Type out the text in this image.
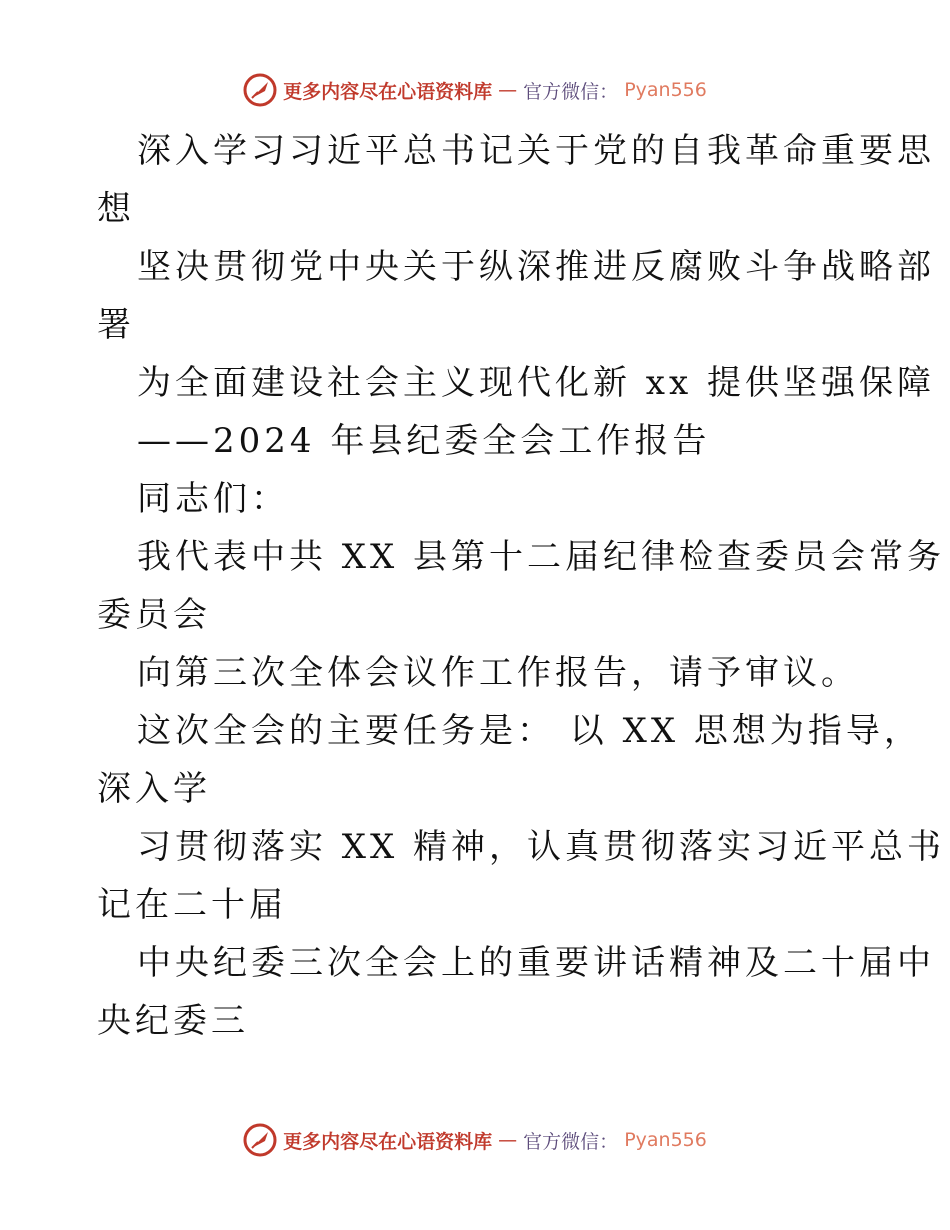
更多内容尽在心语资料库 — 官方微信： Pyan556
深入学习习近平总书记关于党的自我革命重要思
想
坚决贯彻党中央关于纵深推进反腐败斗争战略部
署
为全面建设社会主义现代化新 xx 提供坚强保障
——2024 年县纪委全会工作报告
同志们：
我代表中共 XX 县第十二届纪律检查委员会常务
委员会
向第三次全体会议作工作报告，请予审议。
这次全会的主要任务是： 以 XX 思想为指导，
深入学
习贯彻落实 XX 精神，认真贯彻落实习近平总书
记在二十届
中央纪委三次全会上的重要讲话精神及二十届中
央纪委三
更多内容尽在心语资料库 — 官方微信： Pyan556
